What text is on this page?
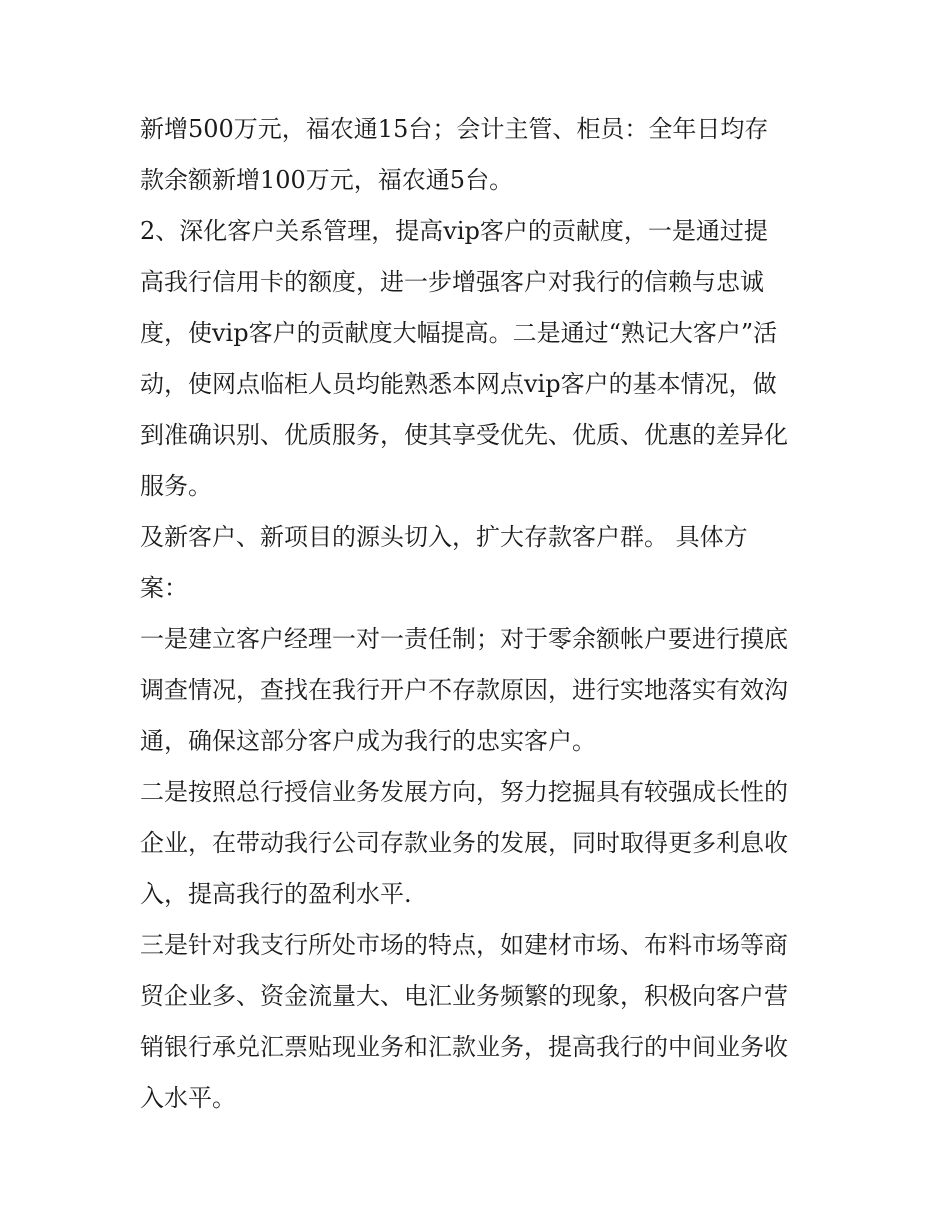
新增500万元，福农通15台；会计主管、柜员：全年日均存
款余额新增100万元，福农通5台。

2、深化客户关系管理，提高vip客户的贡献度，一是通过提
高我行信用卡的额度，进一步增强客户对我行的信赖与忠诚
度，使vip客户的贡献度大幅提高。二是通过“熟记大客户”活
动，使网点临柜人员均能熟悉本网点vip客户的基本情况，做
到准确识别、优质服务，使其享受优先、优质、优惠的差异化
服务。

及新客户、新项目的源头切入，扩大存款客户群。 具体方
案：

一是建立客户经理一对一责任制；对于零余额帐户要进行摸底
调查情况，查找在我行开户不存款原因，进行实地落实有效沟
通，确保这部分客户成为我行的忠实客户。

二是按照总行授信业务发展方向，努力挖掘具有较强成长性的
企业，在带动我行公司存款业务的发展，同时取得更多利息收
入，提高我行的盈利水平.

三是针对我支行所处市场的特点，如建材市场、布料市场等商
贸企业多、资金流量大、电汇业务频繁的现象，积极向客户营
销银行承兑汇票贴现业务和汇款业务，提高我行的中间业务收
入水平。
